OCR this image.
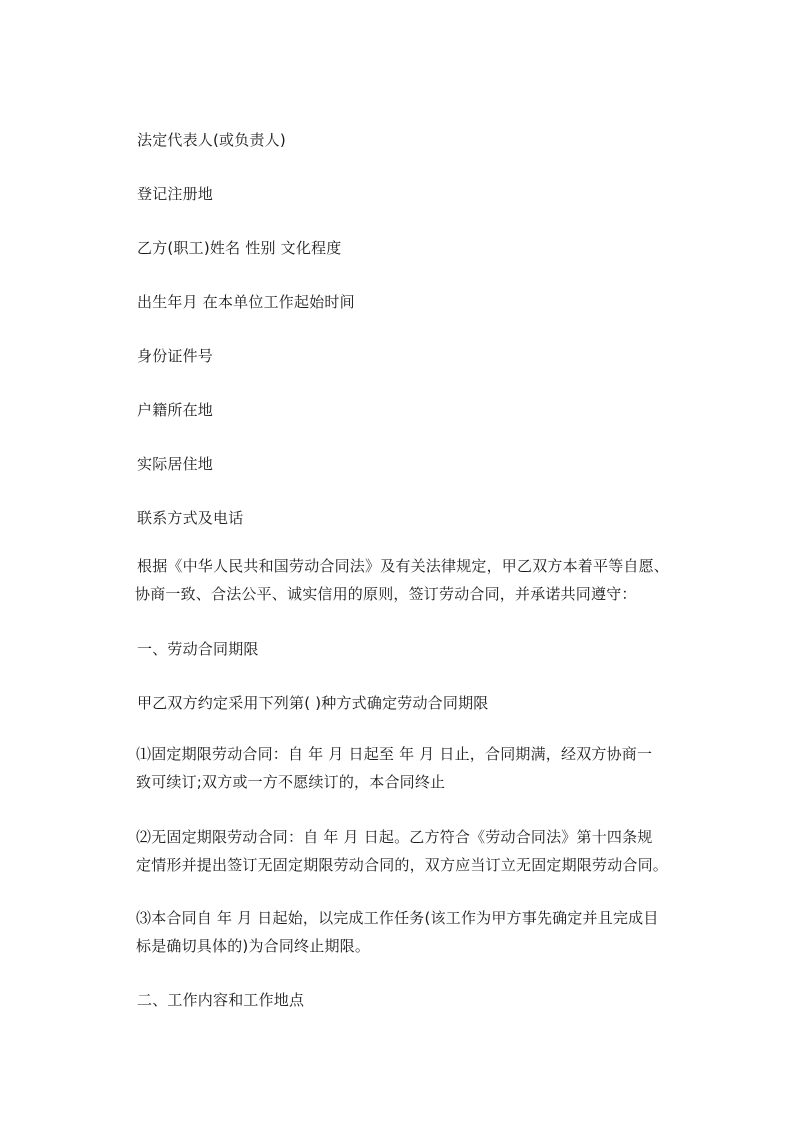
法定代表人(或负责人)
登记注册地
乙方(职工)姓名 性别 文化程度
出生年月 在本单位工作起始时间
身份证件号
户籍所在地
实际居住地
联系方式及电话
根据《中华人民共和国劳动合同法》及有关法律规定，甲乙双方本着平等自愿、
协商一致、合法公平、诚实信用的原则，签订劳动合同，并承诺共同遵守：
一、劳动合同期限
甲乙双方约定采用下列第( )种方式确定劳动合同期限
⑴固定期限劳动合同：自 年 月 日起至 年 月 日止，合同期满，经双方协商一
致可续订;双方或一方不愿续订的，本合同终止
⑵无固定期限劳动合同：自 年 月 日起。乙方符合《劳动合同法》第十四条规
定情形并提出签订无固定期限劳动合同的，双方应当订立无固定期限劳动合同。
⑶本合同自 年 月 日起始，以完成工作任务(该工作为甲方事先确定并且完成目
标是确切具体的)为合同终止期限。
二、工作内容和工作地点
